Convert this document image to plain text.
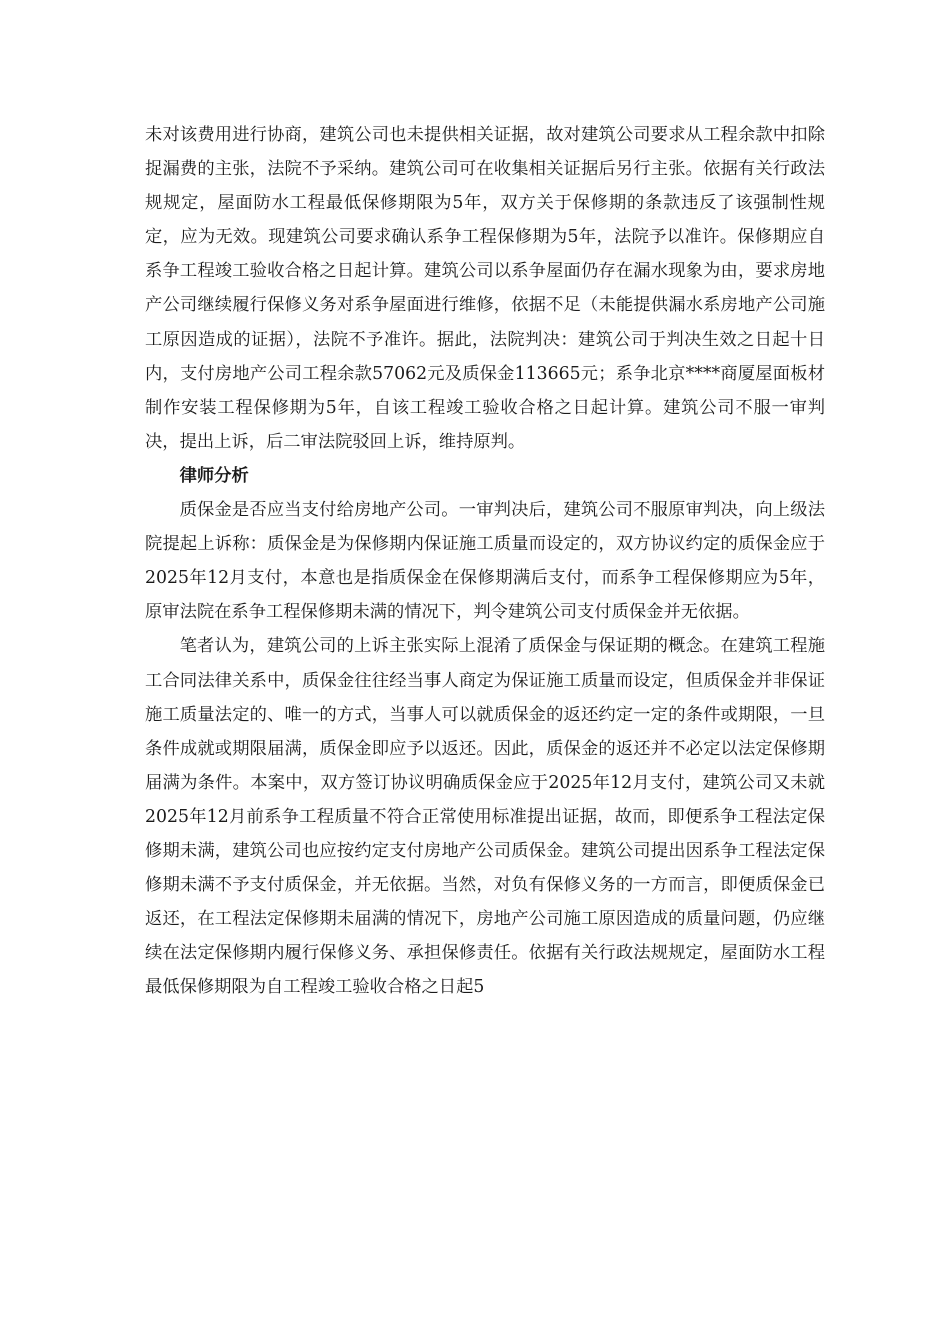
未对该费用进行协商，建筑公司也未提供相关证据，故对建筑公司要求从工程余款中扣除捉漏费的主张，法院不予采纳。建筑公司可在收集相关证据后另行主张。依据有关行政法规规定，屋面防水工程最低保修期限为5年，双方关于保修期的条款违反了该强制性规定，应为无效。现建筑公司要求确认系争工程保修期为5年，法院予以准许。保修期应自系争工程竣工验收合格之日起计算。建筑公司以系争屋面仍存在漏水现象为由，要求房地产公司继续履行保修义务对系争屋面进行维修，依据不足（未能提供漏水系房地产公司施工原因造成的证据），法院不予准许。据此，法院判决：建筑公司于判决生效之日起十日内，支付房地产公司工程余款57062元及质保金113665元；系争北京****商厦屋面板材制作安装工程保修期为5年，自该工程竣工验收合格之日起计算。建筑公司不服一审判决，提出上诉，后二审法院驳回上诉，维持原判。

律师分析

质保金是否应当支付给房地产公司。一审判决后，建筑公司不服原审判决，向上级法院提起上诉称：质保金是为保修期内保证施工质量而设定的，双方协议约定的质保金应于2025年12月支付，本意也是指质保金在保修期满后支付，而系争工程保修期应为5年，原审法院在系争工程保修期未满的情况下，判令建筑公司支付质保金并无依据。

笔者认为，建筑公司的上诉主张实际上混淆了质保金与保证期的概念。在建筑工程施工合同法律关系中，质保金往往经当事人商定为保证施工质量而设定，但质保金并非保证施工质量法定的、唯一的方式，当事人可以就质保金的返还约定一定的条件或期限，一旦条件成就或期限届满，质保金即应予以返还。因此，质保金的返还并不必定以法定保修期届满为条件。本案中，双方签订协议明确质保金应于2025年12月支付，建筑公司又未就2025年12月前系争工程质量不符合正常使用标准提出证据，故而，即便系争工程法定保修期未满，建筑公司也应按约定支付房地产公司质保金。建筑公司提出因系争工程法定保修期未满不予支付质保金，并无依据。当然，对负有保修义务的一方而言，即便质保金已返还，在工程法定保修期未届满的情况下，房地产公司施工原因造成的质量问题，仍应继续在法定保修期内履行保修义务、承担保修责任。依据有关行政法规规定，屋面防水工程最低保修期限为自工程竣工验收合格之日起5
